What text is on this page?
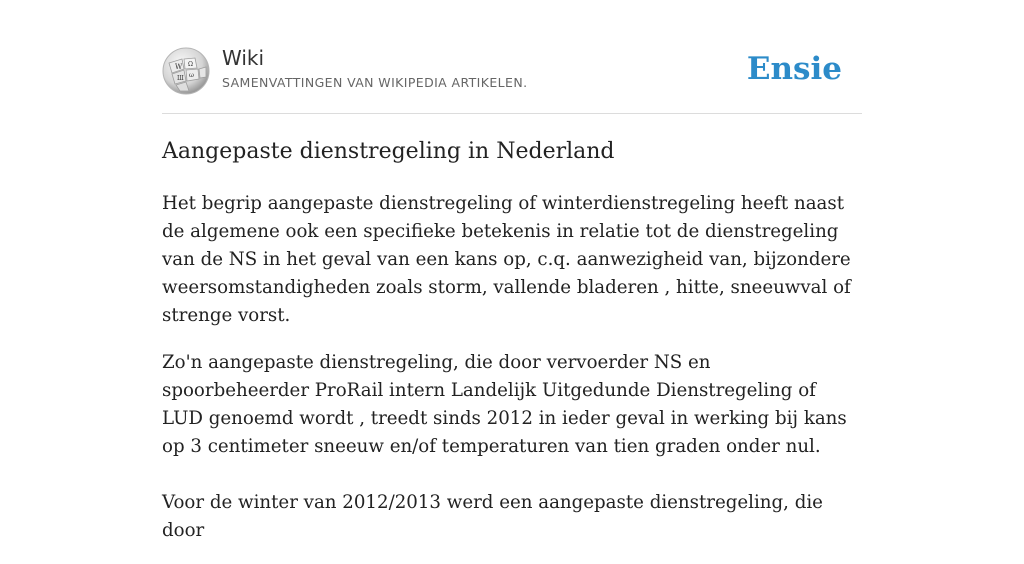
W Ω
Ш ω
Wiki
SAMENVATTINGEN VAN WIKIPEDIA ARTIKELEN.	Ensie
Aangepaste dienstregeling in Nederland

Het begrip aangepaste dienstregeling of winterdienstregeling heeft naast de algemene ook een specifieke betekenis in relatie tot de dienstregeling van de NS in het geval van een kans op, c.q. aanwezigheid van, bijzondere weersomstandigheden zoals storm, vallende bladeren , hitte, sneeuwval of strenge vorst.

Zo'n aangepaste dienstregeling, die door vervoerder NS en spoorbeheerder ProRail intern Landelijk Uitgedunde Dienstregeling of LUD genoemd wordt , treedt sinds 2012 in ieder geval in werking bij kans op 3 centimeter sneeuw en/of temperaturen van tien graden onder nul.

Voor de winter van 2012/2013 werd een aangepaste dienstregeling, die door
